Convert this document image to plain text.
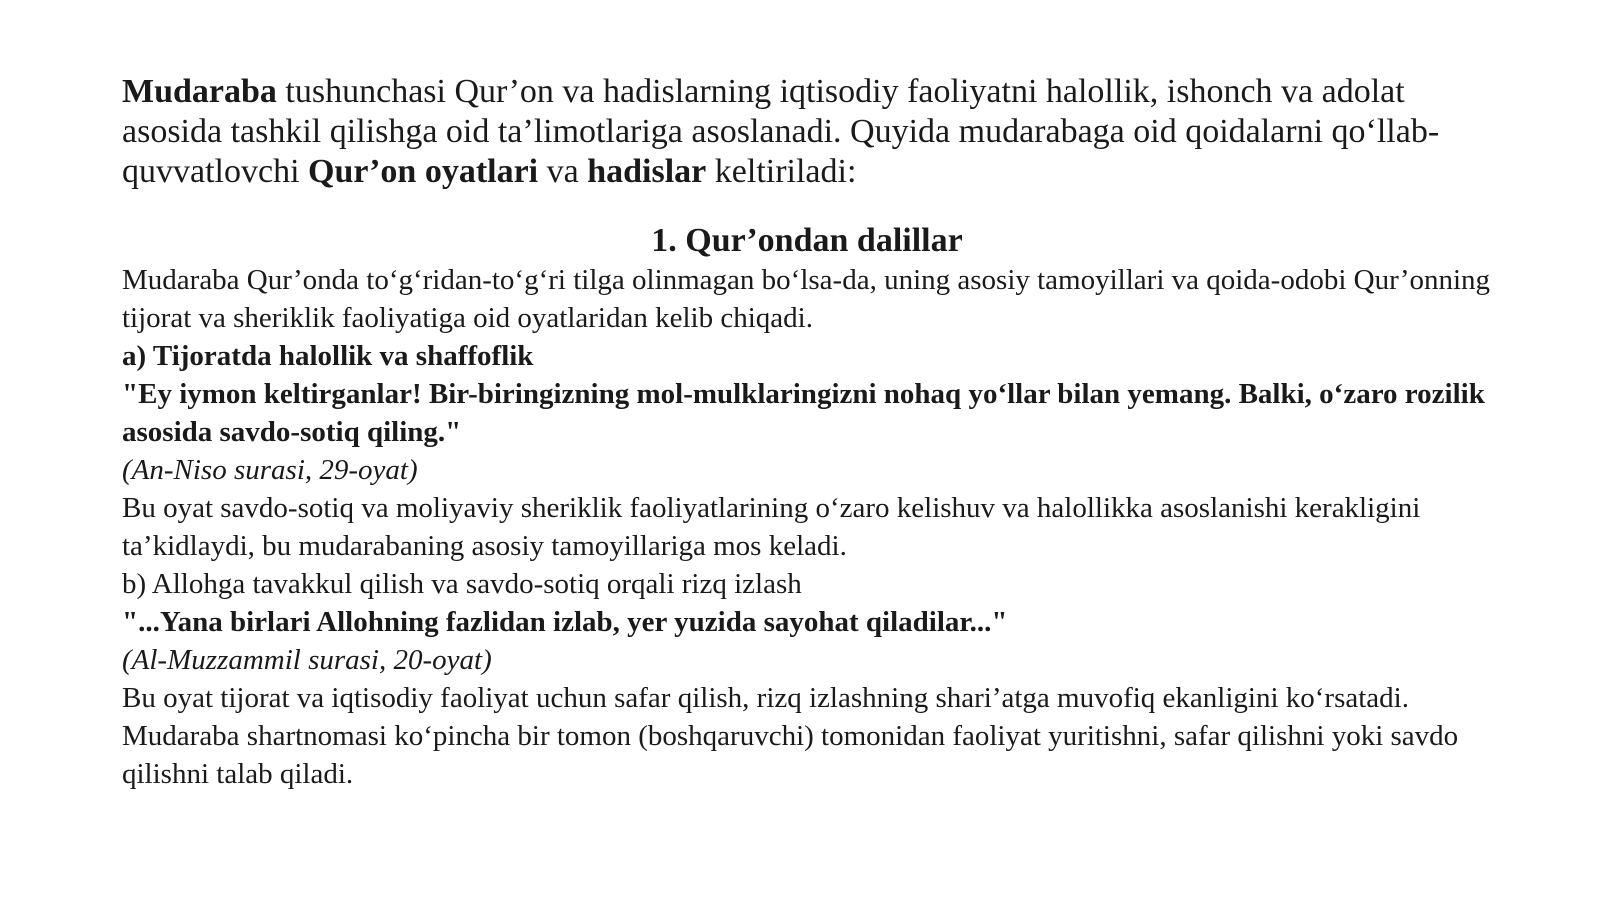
Mudaraba tushunchasi Qur’on va hadislarning iqtisodiy faoliyatni halollik, ishonch va adolat asosida tashkil qilishga oid ta’limotlariga asoslanadi. Quyida mudarabaga oid qoidalarni qo‘llab-quvvatlovchi Qur’on oyatlari va hadislar keltiriladi:

1. Qur’ondan dalillar

Mudaraba Qur’onda to‘g‘ridan-to‘g‘ri tilga olinmagan bo‘lsa-da, uning asosiy tamoyillari va qoida-odobi Qur’onning tijorat va sheriklik faoliyatiga oid oyatlaridan kelib chiqadi.

a) Tijoratda halollik va shaffoflik

"Ey iymon keltirganlar! Bir-biringizning mol-mulklaringizni nohaq yo‘llar bilan yemang. Balki, o‘zaro rozilik asosida savdo-sotiq qiling."

(An-Niso surasi, 29-oyat)

Bu oyat savdo-sotiq va moliyaviy sheriklik faoliyatlarining o‘zaro kelishuv va halollikka asoslanishi kerakligini ta’kidlaydi, bu mudarabaning asosiy tamoyillariga mos keladi.

b) Allohga tavakkul qilish va savdo-sotiq orqali rizq izlash

"...Yana birlari Allohning fazlidan izlab, yer yuzida sayohat qiladilar..."

(Al-Muzzammil surasi, 20-oyat)

Bu oyat tijorat va iqtisodiy faoliyat uchun safar qilish, rizq izlashning shari’atga muvofiq ekanligini ko‘rsatadi. Mudaraba shartnomasi ko‘pincha bir tomon (boshqaruvchi) tomonidan faoliyat yuritishni, safar qilishni yoki savdo qilishni talab qiladi.
